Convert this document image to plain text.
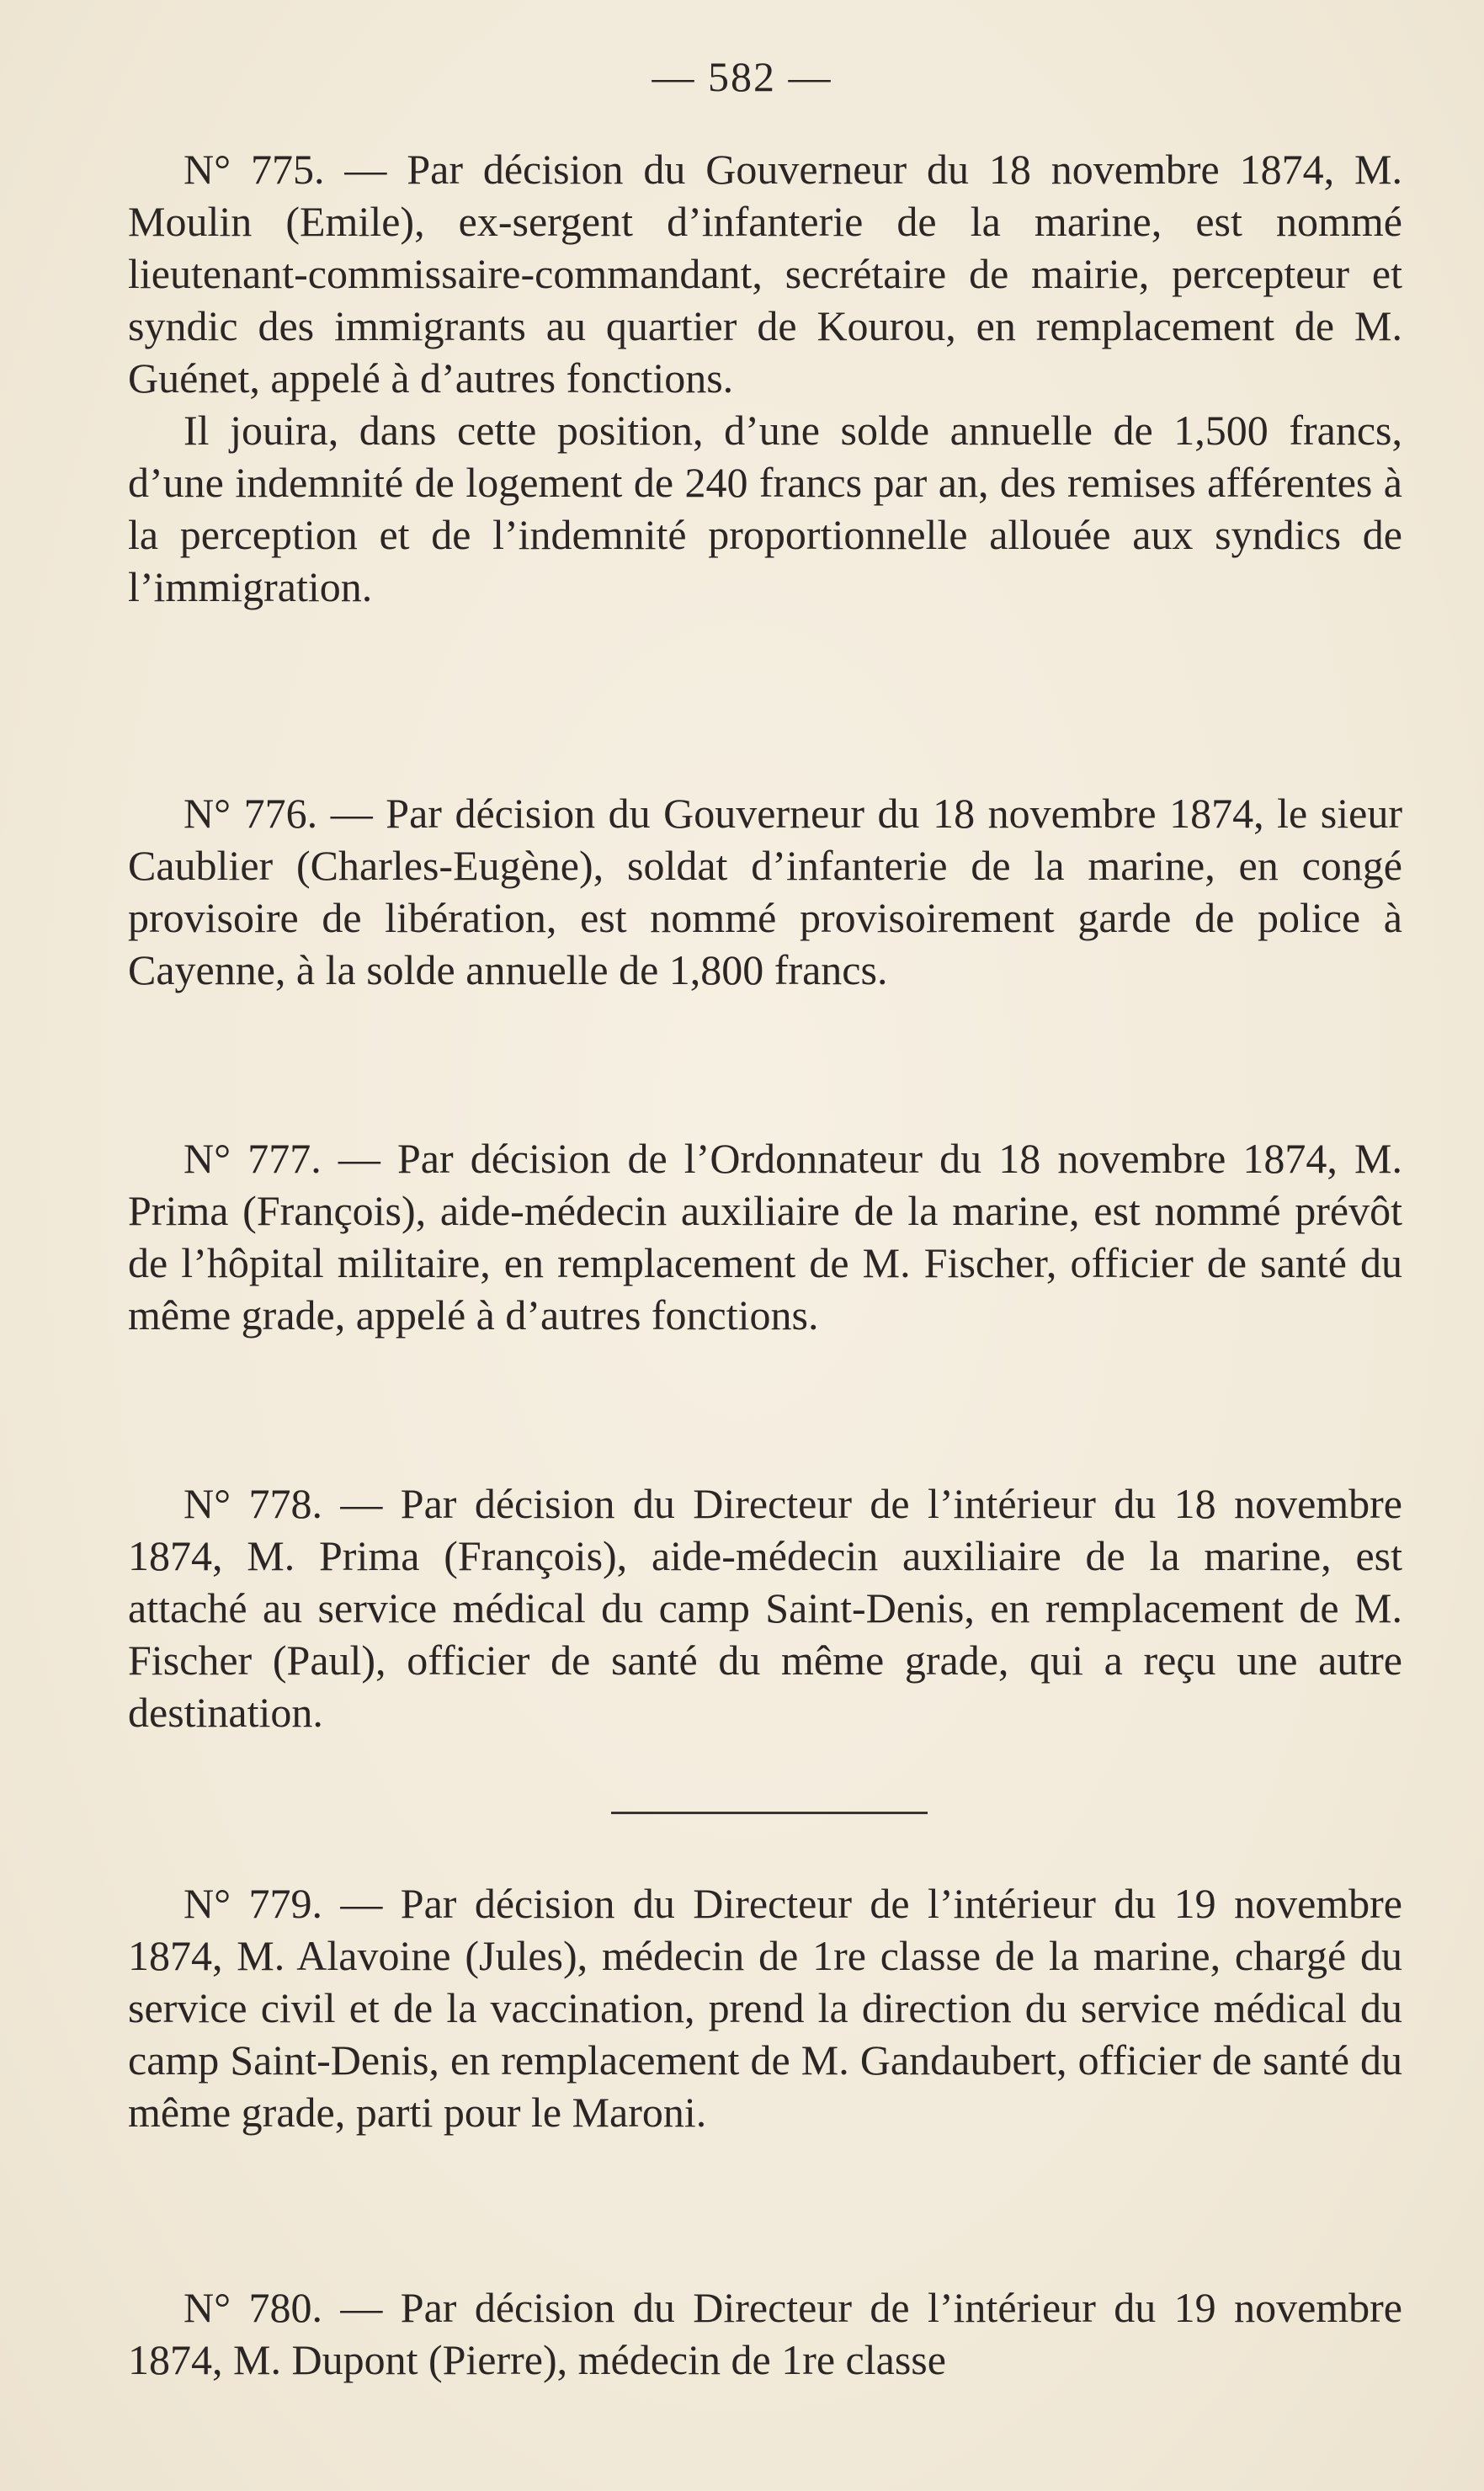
— 582 —

N° 775. — Par décision du Gouverneur du 18 novembre 1874, M. Moulin (Emile), ex-sergent d’infanterie de la marine, est nommé lieutenant-commissaire-commandant, secrétaire de mairie, percepteur et syndic des immigrants au quartier de Kourou, en remplacement de M. Guénet, appelé à d’autres fonctions.

Il jouira, dans cette position, d’une solde annuelle de 1,500 francs, d’une indemnité de logement de 240 francs par an, des remises afférentes à la perception et de l’indemnité proportionnelle allouée aux syndics de l’immigration.

N° 776. — Par décision du Gouverneur du 18 novembre 1874, le sieur Caublier (Charles-Eugène), soldat d’infanterie de la marine, en congé provisoire de libération, est nommé provisoirement garde de police à Cayenne, à la solde annuelle de 1,800 francs.

N° 777. — Par décision de l’Ordonnateur du 18 novembre 1874, M. Prima (François), aide-médecin auxiliaire de la marine, est nommé prévôt de l’hôpital militaire, en remplacement de M. Fischer, officier de santé du même grade, appelé à d’autres fonctions.

N° 778. — Par décision du Directeur de l’intérieur du 18 novembre 1874, M. Prima (François), aide-médecin auxiliaire de la marine, est attaché au service médical du camp Saint-Denis, en remplacement de M. Fischer (Paul), officier de santé du même grade, qui a reçu une autre destination.

N° 779. — Par décision du Directeur de l’intérieur du 19 novembre 1874, M. Alavoine (Jules), médecin de 1re classe de la marine, chargé du service civil et de la vaccination, prend la direction du service médical du camp Saint-Denis, en remplacement de M. Gandaubert, officier de santé du même grade, parti pour le Maroni.

N° 780. — Par décision du Directeur de l’intérieur du 19 novembre 1874, M. Dupont (Pierre), médecin de 1re classe
